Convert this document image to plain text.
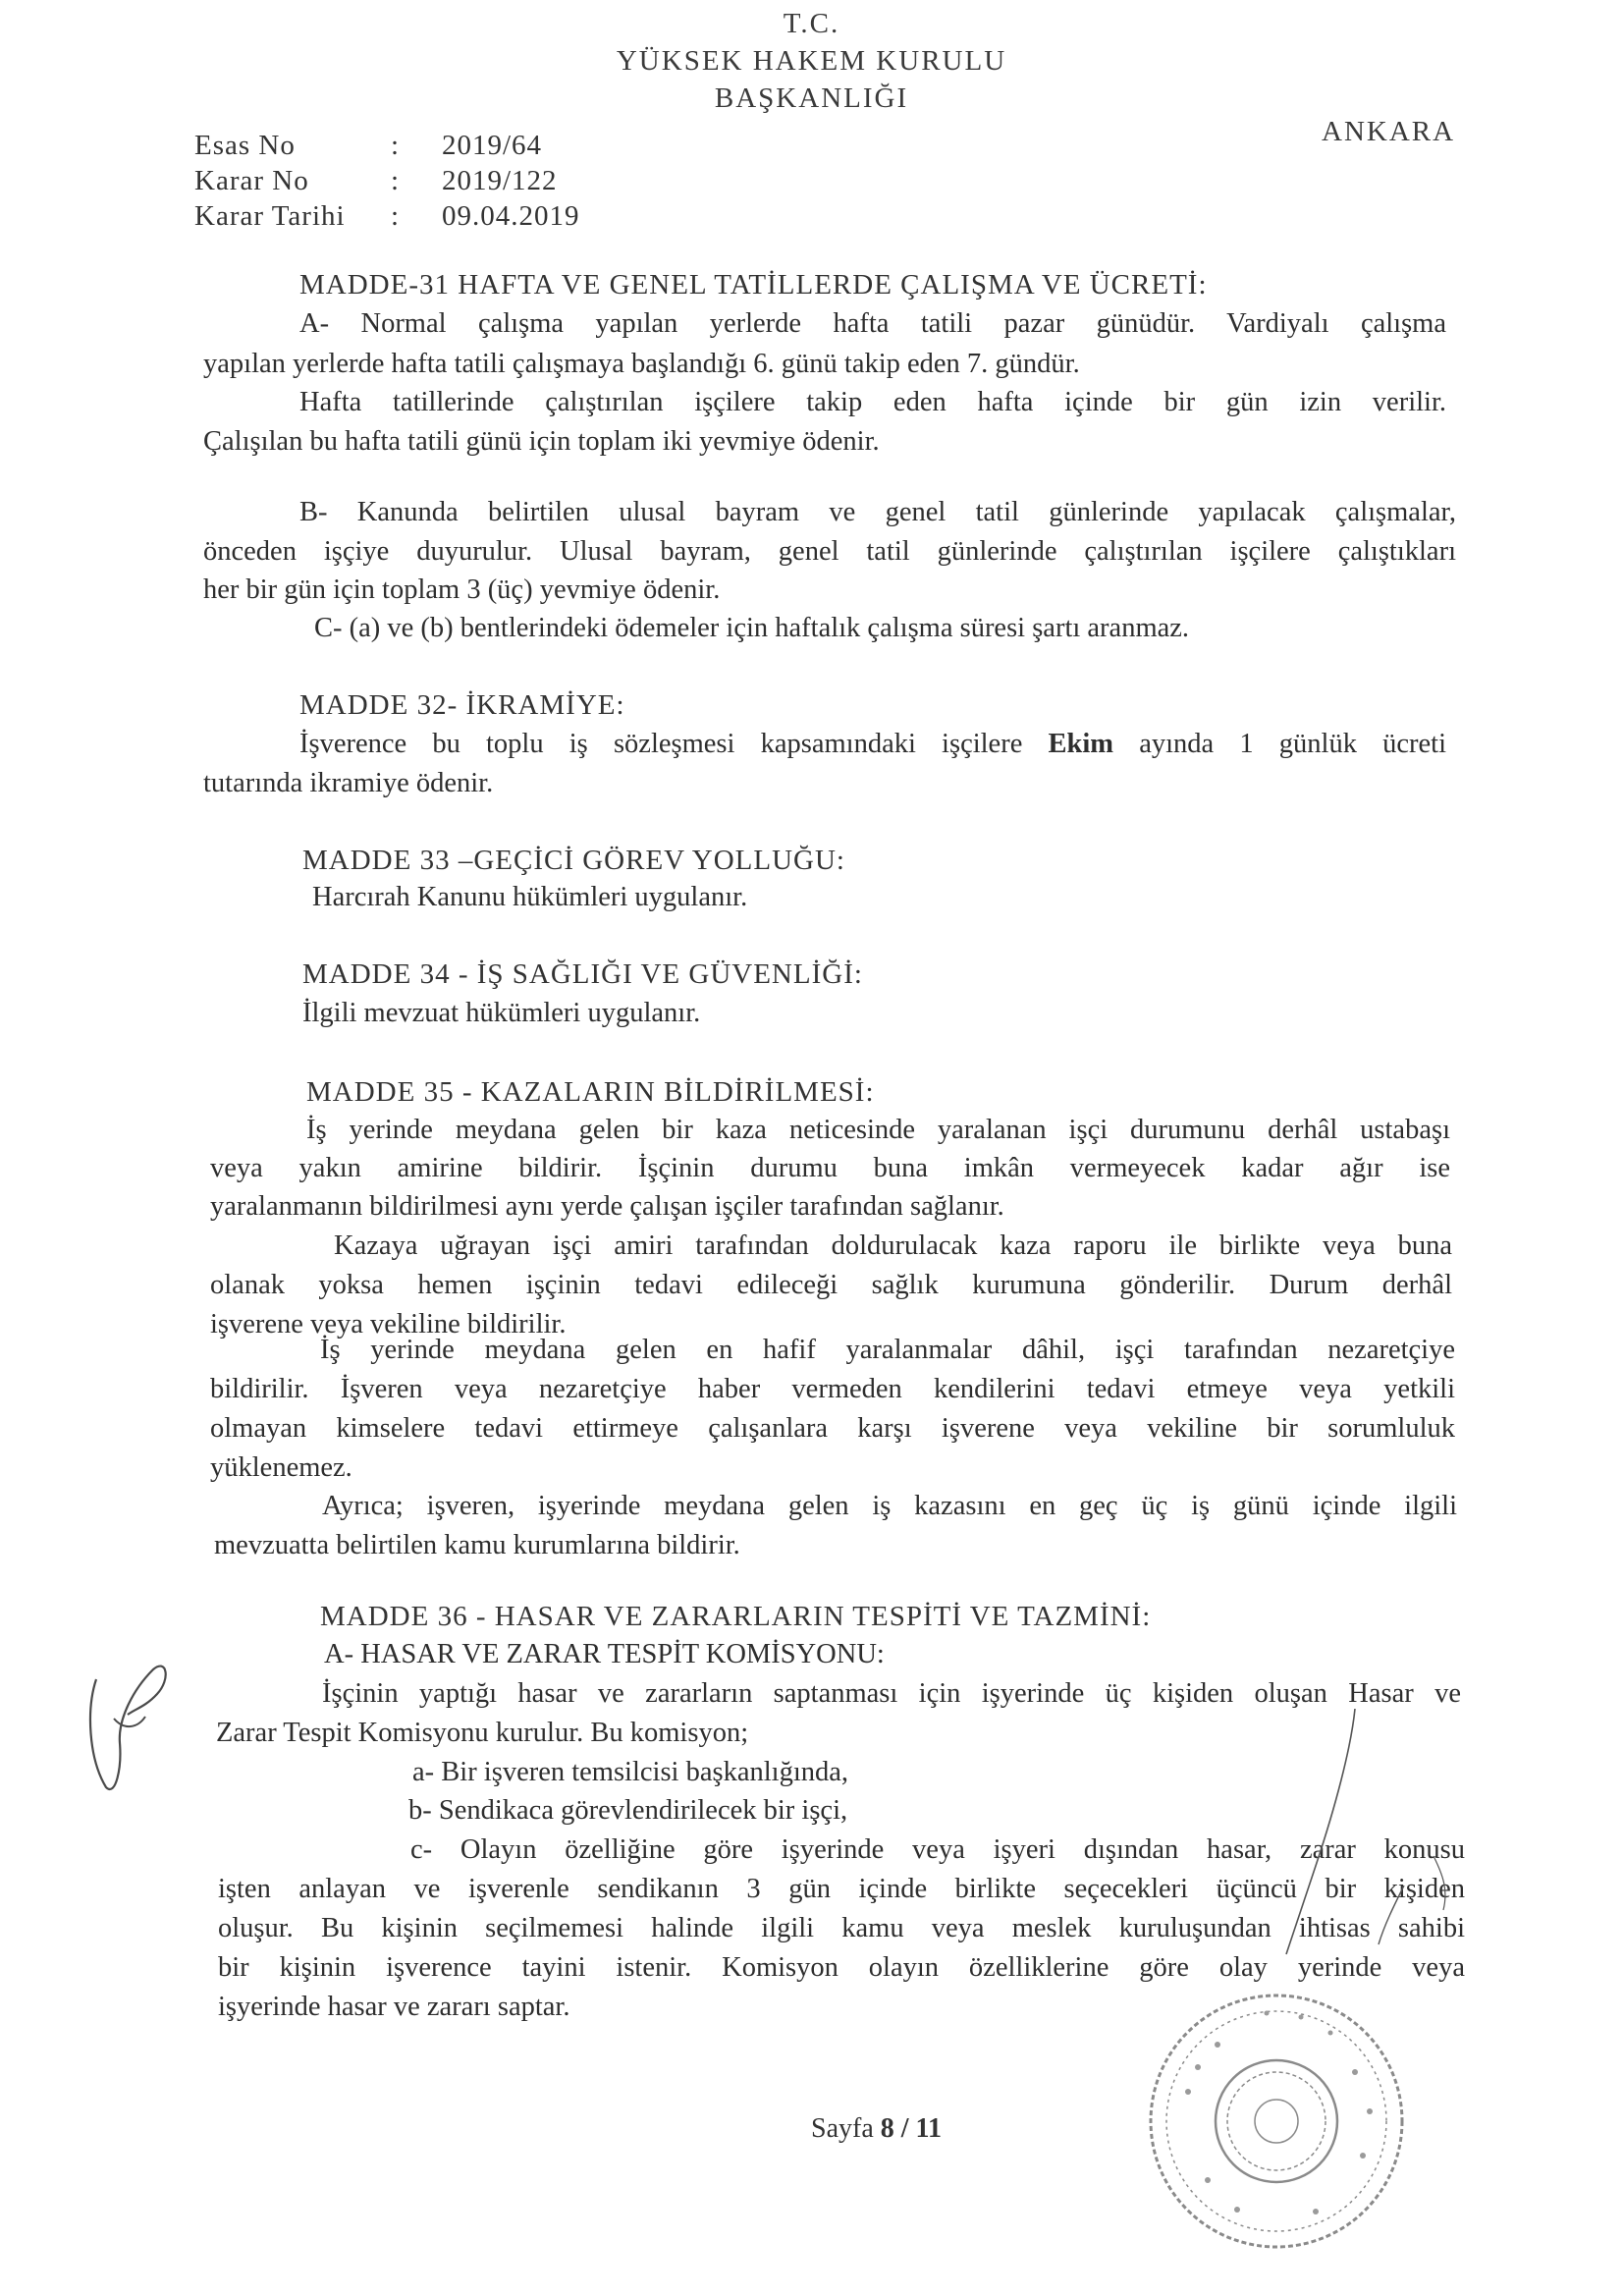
T.C.
YÜKSEK HAKEM KURULU
BAŞKANLIĞI
ANKARA
Esas No	: 2019/64
Karar No	: 2019/122
Karar Tarihi : 09.04.2019
MADDE-31 HAFTA VE GENEL TATİLLERDE ÇALIŞMA VE ÜCRETİ:
A- Normal çalışma yapılan yerlerde hafta tatili pazar günüdür. Vardiyalı çalışma
yapılan yerlerde hafta tatili çalışmaya başlandığı 6. günü takip eden 7. gündür.
Hafta tatillerinde çalıştırılan işçilere takip eden hafta içinde bir gün izin verilir.
Çalışılan bu hafta tatili günü için toplam iki yevmiye ödenir.
B- Kanunda belirtilen ulusal bayram ve genel tatil günlerinde yapılacak çalışmalar,
önceden işçiye duyurulur. Ulusal bayram, genel tatil günlerinde çalıştırılan işçilere çalıştıkları
her bir gün için toplam 3 (üç) yevmiye ödenir.
C- (a) ve (b) bentlerindeki ödemeler için haftalık çalışma süresi şartı aranmaz.
MADDE 32- İKRAMİYE:
İşverence bu toplu iş sözleşmesi kapsamındaki işçilere Ekim ayında 1 günlük ücreti
tutarında ikramiye ödenir.
MADDE 33 –GEÇİCİ GÖREV YOLLUĞU:
Harcırah Kanunu hükümleri uygulanır.
MADDE 34 - İŞ SAĞLIĞI VE GÜVENLİĞİ:
İlgili mevzuat hükümleri uygulanır.
MADDE 35 - KAZALARIN BİLDİRİLMESİ:
İş yerinde meydana gelen bir kaza neticesinde yaralanan işçi durumunu derhâl ustabaşı
veya yakın amirine bildirir. İşçinin durumu buna imkân vermeyecek kadar ağır ise
yaralanmanın bildirilmesi aynı yerde çalışan işçiler tarafından sağlanır.
Kazaya uğrayan işçi amiri tarafından doldurulacak kaza raporu ile birlikte veya buna
olanak yoksa hemen işçinin tedavi edileceği sağlık kurumuna gönderilir. Durum derhâl
işverene veya vekiline bildirilir.
İş yerinde meydana gelen en hafif yaralanmalar dâhil, işçi tarafından nezaretçiye
bildirilir. İşveren veya nezaretçiye haber vermeden kendilerini tedavi etmeye veya yetkili
olmayan kimselere tedavi ettirmeye çalışanlara karşı işverene veya vekiline bir sorumluluk
yüklenemez.
Ayrıca; işveren, işyerinde meydana gelen iş kazasını en geç üç iş günü içinde ilgili
mevzuatta belirtilen kamu kurumlarına bildirir.
MADDE 36 - HASAR VE ZARARLARIN TESPİTİ VE TAZMİNİ:
A- HASAR VE ZARAR TESPİT KOMİSYONU:
İşçinin yaptığı hasar ve zararların saptanması için işyerinde üç kişiden oluşan Hasar ve
Zarar Tespit Komisyonu kurulur. Bu komisyon;
a- Bir işveren temsilcisi başkanlığında,
b- Sendikaca görevlendirilecek bir işçi,
c- Olayın özelliğine göre işyerinde veya işyeri dışından hasar, zarar konusu
işten anlayan ve işverenle sendikanın 3 gün içinde birlikte seçecekleri üçüncü bir kişiden
oluşur. Bu kişinin seçilmemesi halinde ilgili kamu veya meslek kuruluşundan ihtisas sahibi
bir kişinin işverence tayini istenir. Komisyon olayın özelliklerine göre olay yerinde veya
işyerinde hasar ve zararı saptar.
Sayfa 8 / 11
